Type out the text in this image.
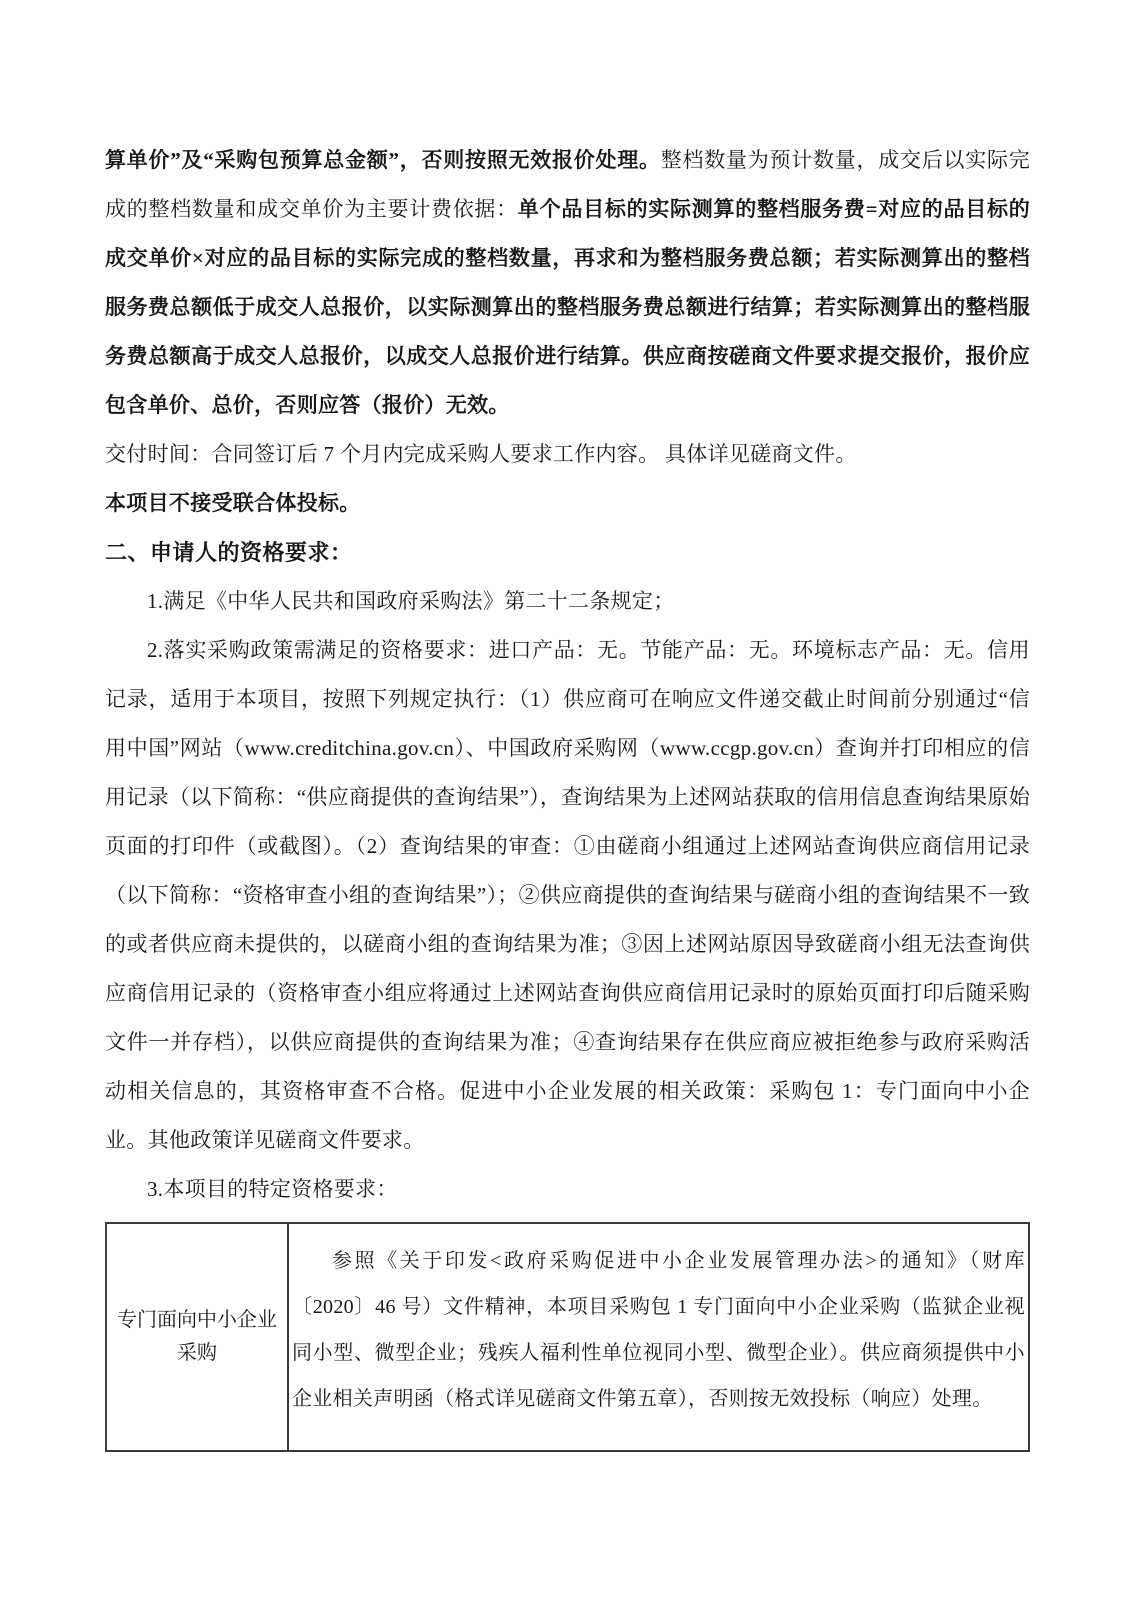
算单价”及“采购包预算总金额”，否则按照无效报价处理。整档数量为预计数量，成交后以实际完成的整档数量和成交单价为主要计费依据：单个品目标的实际测算的整档服务费=对应的品目标的成交单价×对应的品目标的实际完成的整档数量，再求和为整档服务费总额；若实际测算出的整档服务费总额低于成交人总报价，以实际测算出的整档服务费总额进行结算；若实际测算出的整档服务费总额高于成交人总报价，以成交人总报价进行结算。供应商按磋商文件要求提交报价，报价应包含单价、总价，否则应答（报价）无效。

交付时间：合同签订后 7 个月内完成采购人要求工作内容。 具体详见磋商文件。

本项目不接受联合体投标。

二、申请人的资格要求：

1.满足《中华人民共和国政府采购法》第二十二条规定；

2.落实采购政策需满足的资格要求：进口产品：无。节能产品：无。环境标志产品：无。信用记录，适用于本项目，按照下列规定执行：（1）供应商可在响应文件递交截止时间前分别通过“信用中国”网站（www.creditchina.gov.cn）、中国政府采购网（www.ccgp.gov.cn）查询并打印相应的信用记录（以下简称：“供应商提供的查询结果”），查询结果为上述网站获取的信用信息查询结果原始页面的打印件（或截图）。（2）查询结果的审查：①由磋商小组通过上述网站查询供应商信用记录（以下简称：“资格审查小组的查询结果”）；②供应商提供的查询结果与磋商小组的查询结果不一致的或者供应商未提供的，以磋商小组的查询结果为准；③因上述网站原因导致磋商小组无法查询供应商信用记录的（资格审查小组应将通过上述网站查询供应商信用记录时的原始页面打印后随采购文件一并存档），以供应商提供的查询结果为准；④查询结果存在供应商应被拒绝参与政府采购活动相关信息的，其资格审查不合格。促进中小企业发展的相关政策：采购包 1：专门面向中小企业。其他政策详见磋商文件要求。

3.本项目的特定资格要求：

专门面向中小企业采购	

参照《关于印发<政府采购促进中小企业发展管理办法>的通知》（财库〔2020〕46 号）文件精神，本项目采购包 1 专门面向中小企业采购（监狱企业视同小型、微型企业；残疾人福利性单位视同小型、微型企业）。供应商须提供中小企业相关声明函（格式详见磋商文件第五章），否则按无效投标（响应）处理。
